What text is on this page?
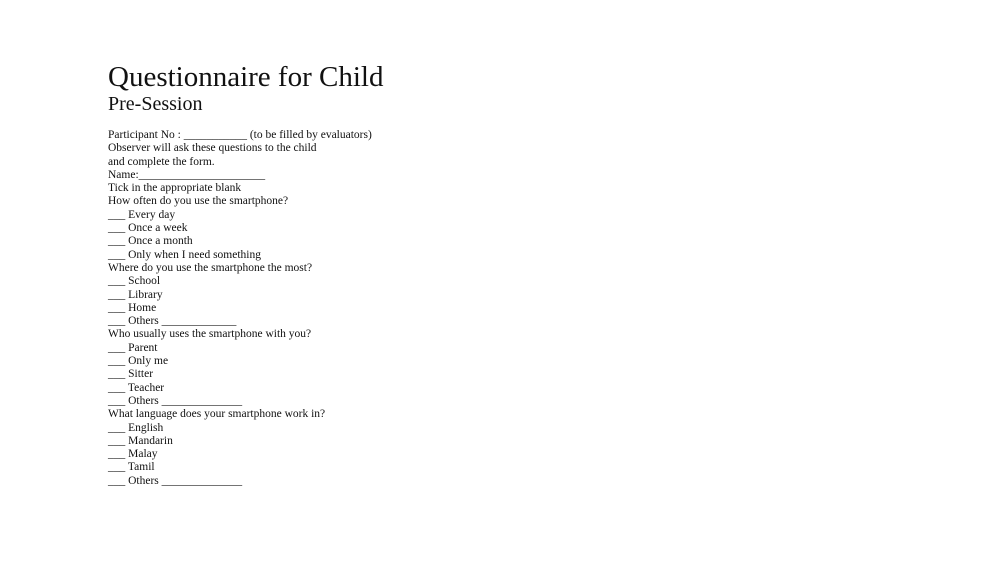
Questionnaire for Child
Pre-Session
Participant No : ___________ (to be filled by evaluators)
Observer will ask these questions to the child
and complete the form.
Name:______________________
Tick in the appropriate blank
How often do you use the smartphone?
___ Every day
___ Once a week
___ Once a month
___ Only when I need something
Where do you use the smartphone the most?
___ School
___ Library
___ Home
___ Others _____________
Who usually uses the smartphone with you?
___ Parent
___ Only me
___ Sitter
___ Teacher
___ Others ______________
What language does your smartphone work in?
___ English
___ Mandarin
___ Malay
___ Tamil
___ Others ______________
